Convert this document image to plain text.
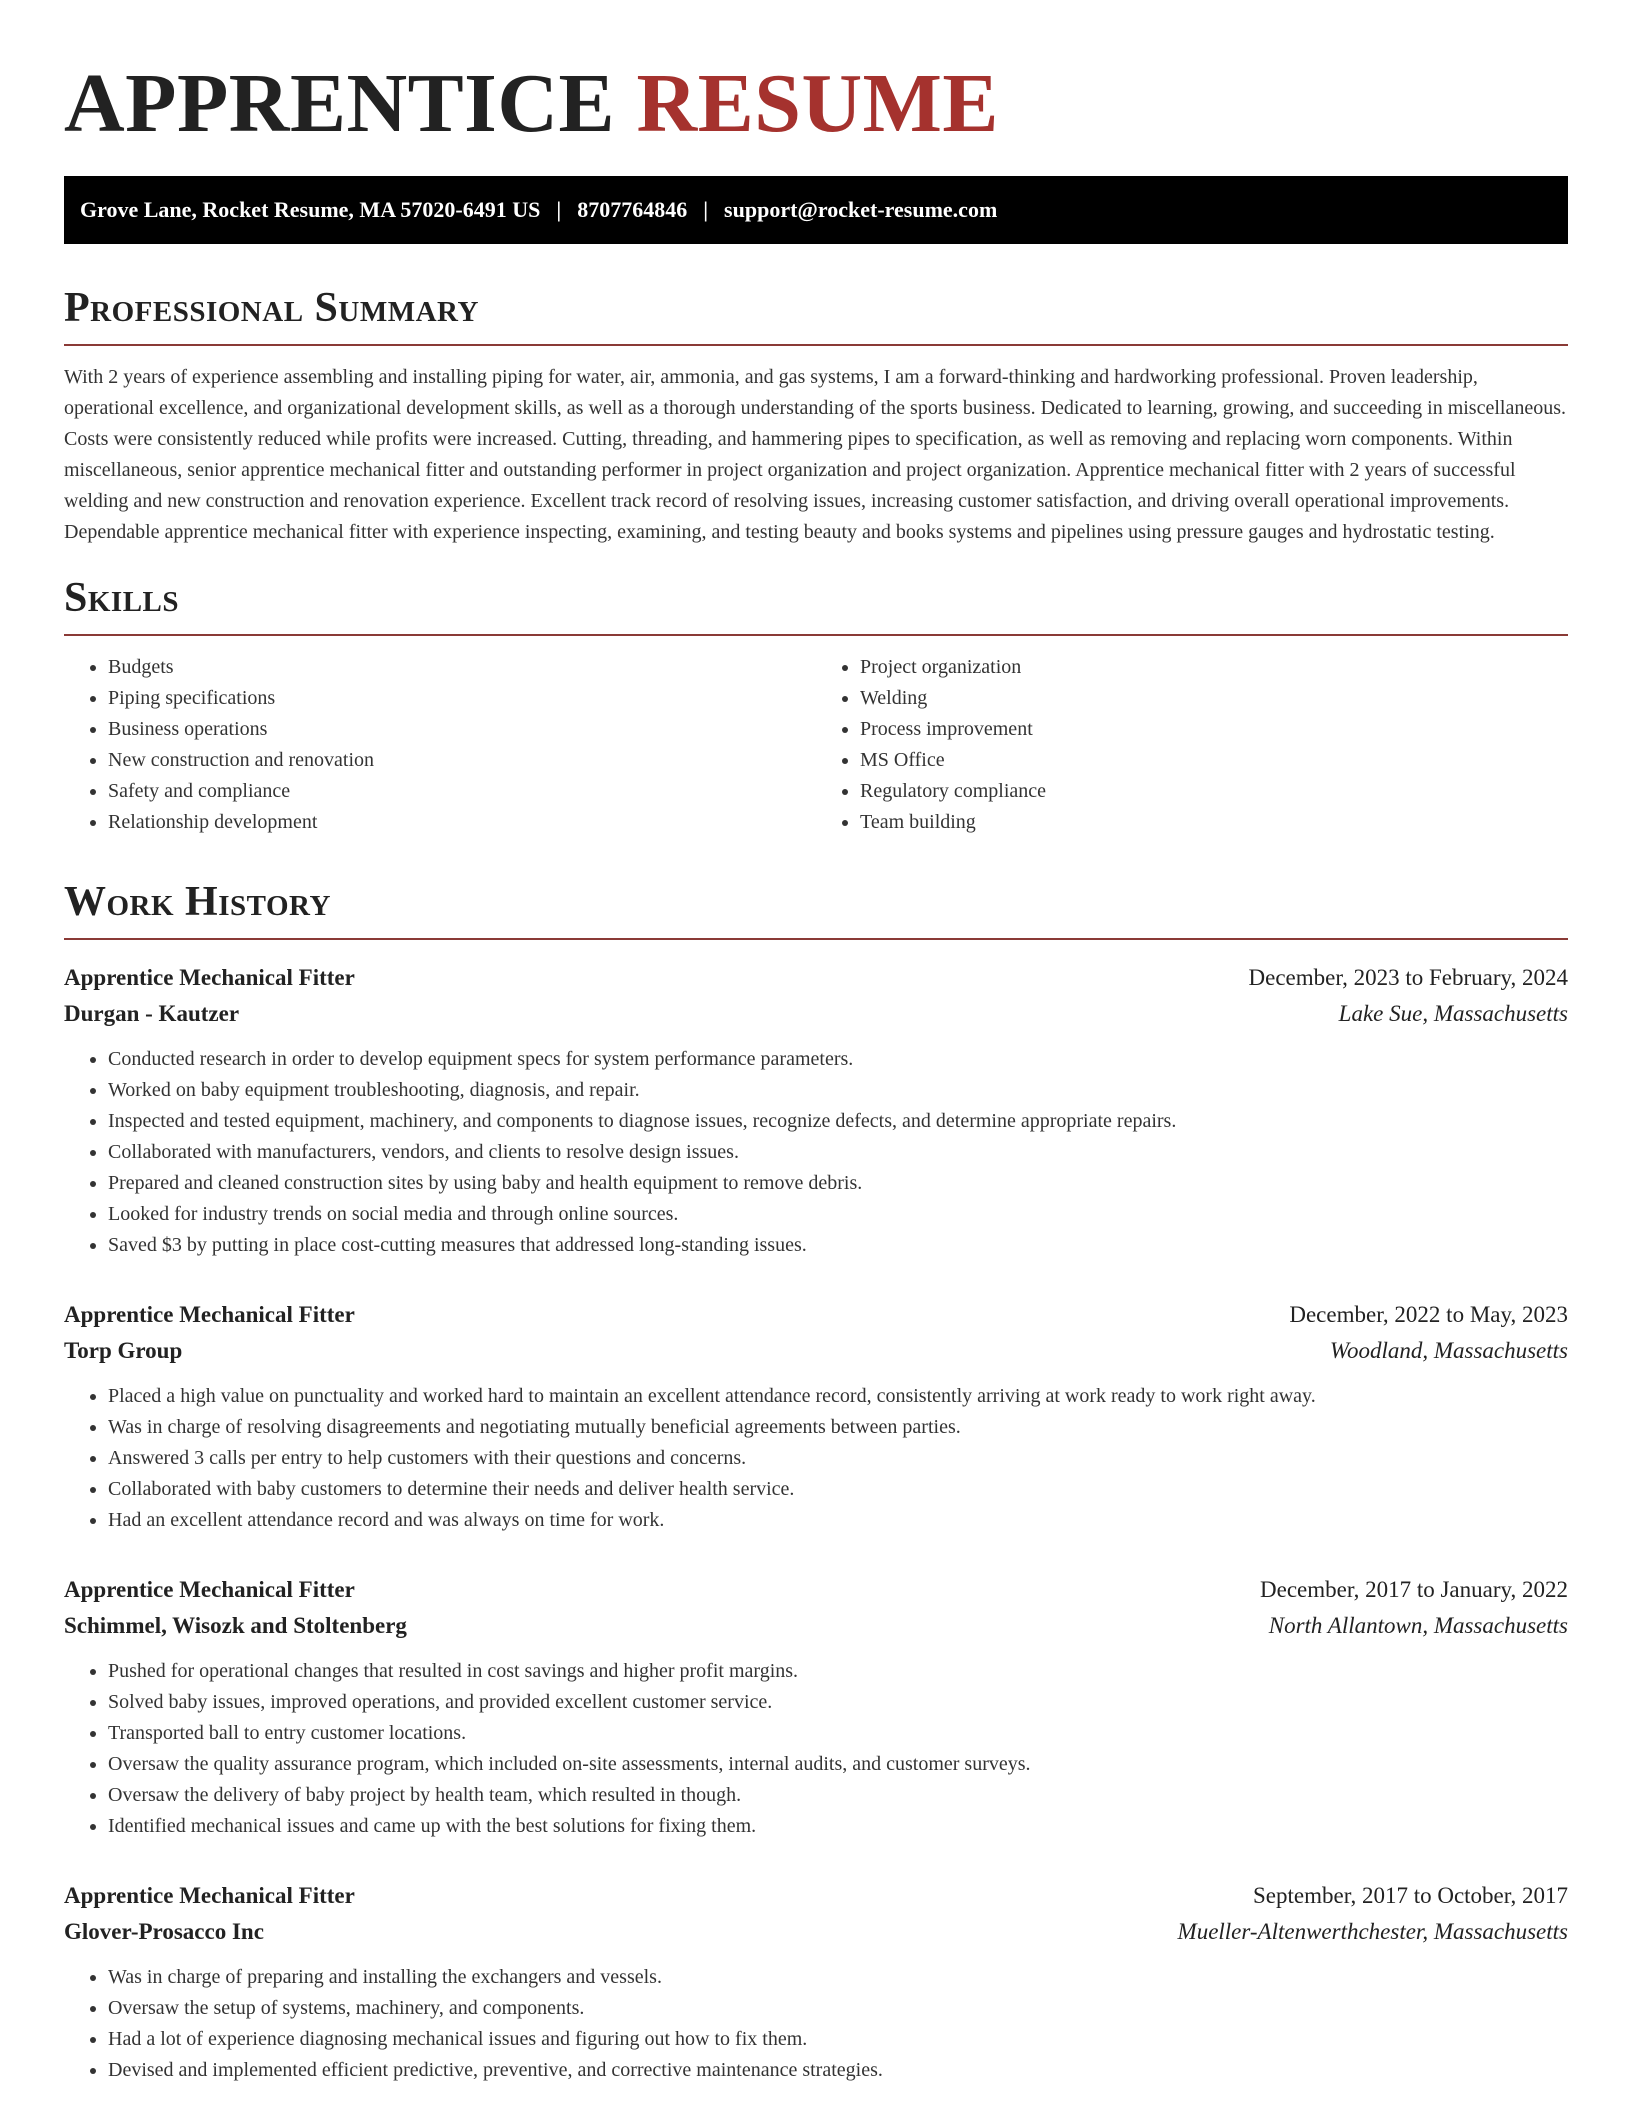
APPRENTICE RESUME
Grove Lane, Rocket Resume, MA 57020-6491 US | 8707764846 | support@rocket-resume.com
Professional Summary

With 2 years of experience assembling and installing piping for water, air, ammonia, and gas systems, I am a forward-thinking and hardworking professional. Proven leadership, operational excellence, and organizational development skills, as well as a thorough understanding of the sports business. Dedicated to learning, growing, and succeeding in miscellaneous. Costs were consistently reduced while profits were increased. Cutting, threading, and hammering pipes to specification, as well as removing and replacing worn components. Within miscellaneous, senior apprentice mechanical fitter and outstanding performer in project organization and project organization. Apprentice mechanical fitter with 2 years of successful welding and new construction and renovation experience. Excellent track record of resolving issues, increasing customer satisfaction, and driving overall operational improvements. Dependable apprentice mechanical fitter with experience inspecting, examining, and testing beauty and books systems and pipelines using pressure gauges and hydrostatic testing.

Skills
• Budgets
• Piping specifications
• Business operations
• New construction and renovation
• Safety and compliance
• Relationship development
• Project organization
• Welding
• Process improvement
• MS Office
• Regulatory compliance
• Team building
Work History
Apprentice Mechanical Fitter	December, 2023 to February, 2024
Durgan - Kautzer	Lake Sue, Massachusetts
• Conducted research in order to develop equipment specs for system performance parameters.
• Worked on baby equipment troubleshooting, diagnosis, and repair.
• Inspected and tested equipment, machinery, and components to diagnose issues, recognize defects, and determine appropriate repairs.
• Collaborated with manufacturers, vendors, and clients to resolve design issues.
• Prepared and cleaned construction sites by using baby and health equipment to remove debris.
• Looked for industry trends on social media and through online sources.
• Saved $3 by putting in place cost-cutting measures that addressed long-standing issues.
Apprentice Mechanical Fitter	December, 2022 to May, 2023
Torp Group	Woodland, Massachusetts
• Placed a high value on punctuality and worked hard to maintain an excellent attendance record, consistently arriving at work ready to work right away.
• Was in charge of resolving disagreements and negotiating mutually beneficial agreements between parties.
• Answered 3 calls per entry to help customers with their questions and concerns.
• Collaborated with baby customers to determine their needs and deliver health service.
• Had an excellent attendance record and was always on time for work.
Apprentice Mechanical Fitter	December, 2017 to January, 2022
Schimmel, Wisozk and Stoltenberg	North Allantown, Massachusetts
• Pushed for operational changes that resulted in cost savings and higher profit margins.
• Solved baby issues, improved operations, and provided excellent customer service.
• Transported ball to entry customer locations.
• Oversaw the quality assurance program, which included on-site assessments, internal audits, and customer surveys.
• Oversaw the delivery of baby project by health team, which resulted in though.
• Identified mechanical issues and came up with the best solutions for fixing them.
Apprentice Mechanical Fitter	September, 2017 to October, 2017
Glover-Prosacco Inc	Mueller-Altenwerthchester, Massachusetts
• Was in charge of preparing and installing the exchangers and vessels.
• Oversaw the setup of systems, machinery, and components.
• Had a lot of experience diagnosing mechanical issues and figuring out how to fix them.
• Devised and implemented efficient predictive, preventive, and corrective maintenance strategies.
